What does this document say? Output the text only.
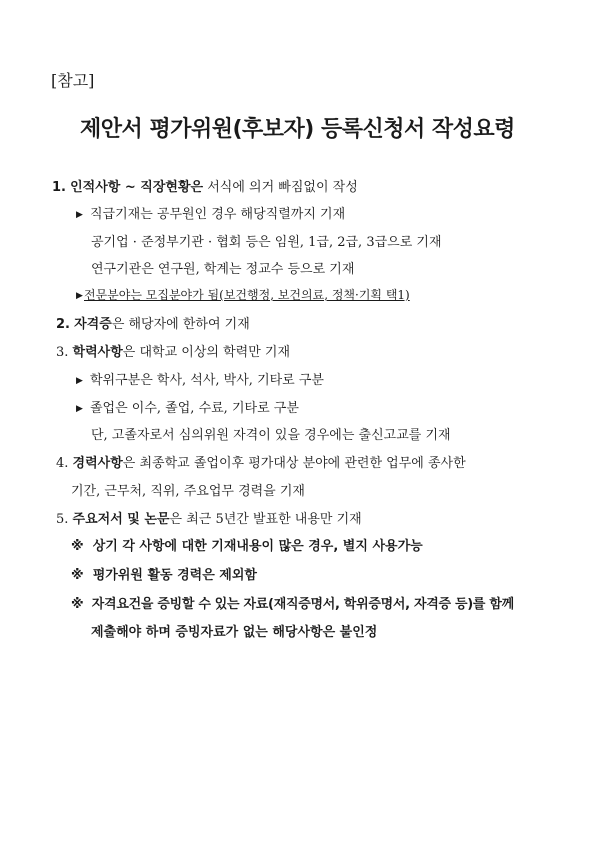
[참고]
제안서 평가위원(후보자) 등록신청서 작성요령
1. 인적사항 ~ 직장현황은 서식에 의거 빠짐없이 작성
▶ 직급기재는 공무원인 경우 해당직렬까지 기재
공기업 · 준정부기관 · 협회 등은 임원, 1급, 2급, 3급으로 기재
연구기관은 연구원, 학계는 정교수 등으로 기재
▶전문분야는 모집분야가 됨(보건행정, 보건의료, 정책·기획 택1)
2. 자격증은 해당자에 한하여 기재
3. 학력사항은 대학교 이상의 학력만 기재
▶ 학위구분은 학사, 석사, 박사, 기타로 구분
▶ 졸업은 이수, 졸업, 수료, 기타로 구분
단, 고졸자로서 심의위원 자격이 있을 경우에는 출신고교를 기재
4. 경력사항은 최종학교 졸업이후 평가대상 분야에 관련한 업무에 종사한
기간, 근무처, 직위, 주요업무 경력을 기재
5. 주요저서 및 논문은 최근 5년간 발표한 내용만 기재
※ 상기 각 사항에 대한 기재내용이 많은 경우, 별지 사용가능
※ 평가위원 활동 경력은 제외함
※ 자격요건을 증빙할 수 있는 자료(재직증명서, 학위증명서, 자격증 등)를 함께
제출해야 하며 증빙자료가 없는 해당사항은 불인정
